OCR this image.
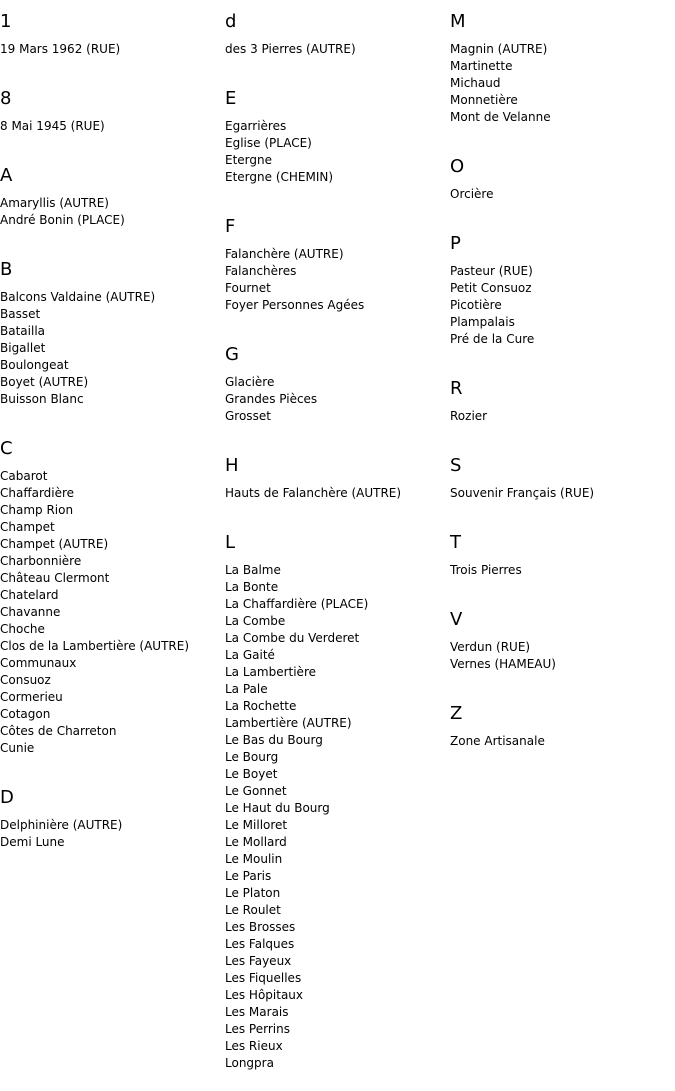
1
19 Mars 1962 (RUE)
8
8 Mai 1945 (RUE)
A
Amaryllis (AUTRE)
André Bonin (PLACE)
B
Balcons Valdaine (AUTRE)
Basset
Batailla
Bigallet
Boulongeat
Boyet (AUTRE)
Buisson Blanc
C
Cabarot
Chaffardière
Champ Rion
Champet
Champet (AUTRE)
Charbonnière
Château Clermont
Chatelard
Chavanne
Choche
Clos de la Lambertière (AUTRE)
Communaux
Consuoz
Cormerieu
Cotagon
Côtes de Charreton
Cunie
D
Delphinière (AUTRE)
Demi Lune
d
des 3 Pierres (AUTRE)
E
Egarrières
Eglise (PLACE)
Etergne
Etergne (CHEMIN)
F
Falanchère (AUTRE)
Falanchères
Fournet
Foyer Personnes Agées
G
Glacière
Grandes Pièces
Grosset
H
Hauts de Falanchère (AUTRE)
L
La Balme
La Bonte
La Chaffardière (PLACE)
La Combe
La Combe du Verderet
La Gaité
La Lambertière
La Pale
La Rochette
Lambertière (AUTRE)
Le Bas du Bourg
Le Bourg
Le Boyet
Le Gonnet
Le Haut du Bourg
Le Milloret
Le Mollard
Le Moulin
Le Paris
Le Platon
Le Roulet
Les Brosses
Les Falques
Les Fayeux
Les Fiquelles
Les Hôpitaux
Les Marais
Les Perrins
Les Rieux
Longpra
M
Magnin (AUTRE)
Martinette
Michaud
Monnetière
Mont de Velanne
O
Orcière
P
Pasteur (RUE)
Petit Consuoz
Picotière
Plampalais
Pré de la Cure
R
Rozier
S
Souvenir Français (RUE)
T
Trois Pierres
V
Verdun (RUE)
Vernes (HAMEAU)
Z
Zone Artisanale
